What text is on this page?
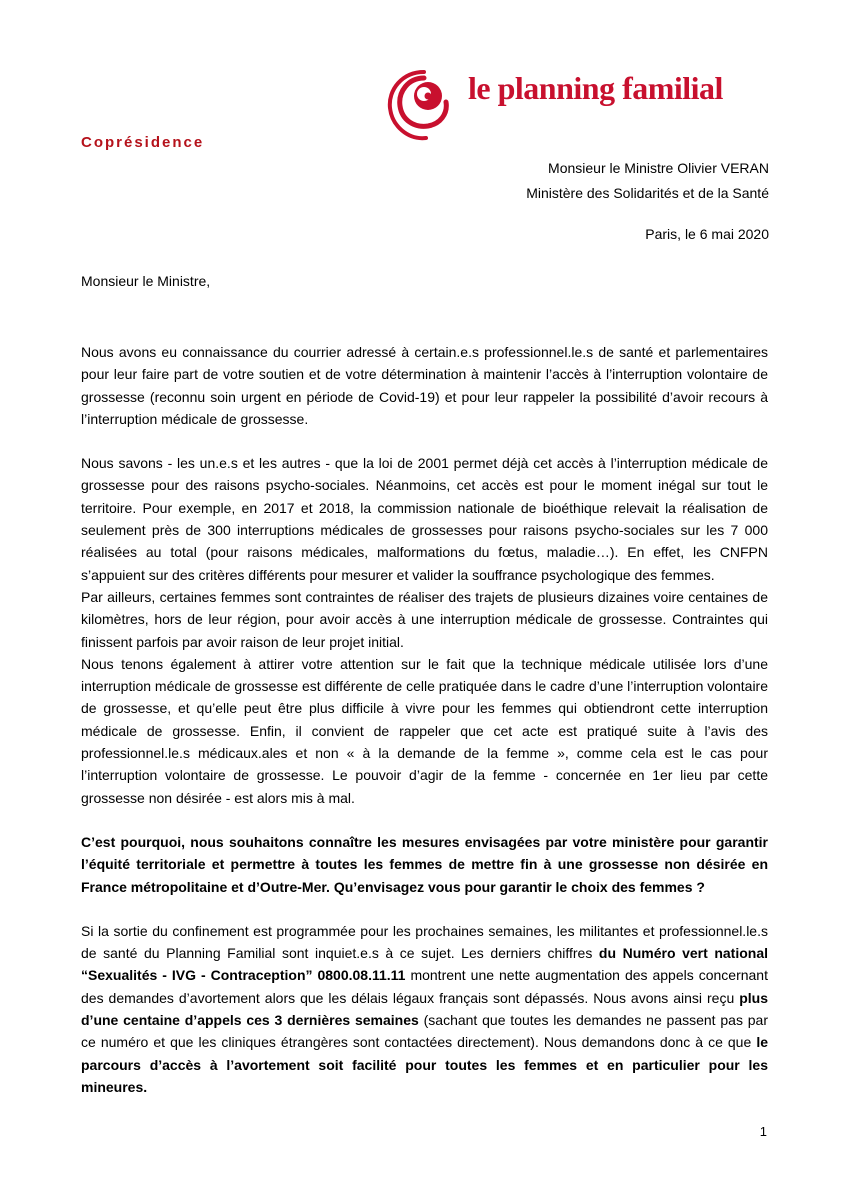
le planning familial
Coprésidence
Monsieur le Ministre Olivier VERAN
Ministère des Solidarités et de la Santé
Paris, le 6 mai 2020
Monsieur le Ministre,

Nous avons eu connaissance du courrier adressé à certain.e.s professionnel.le.s de santé et parlementaires pour leur faire part de votre soutien et de votre détermination à maintenir l’accès à l’interruption volontaire de grossesse (reconnu soin urgent en période de Covid-19) et pour leur rappeler la possibilité d’avoir recours à l’interruption médicale de grossesse.

Nous savons - les un.e.s et les autres - que la loi de 2001 permet déjà cet accès à l’interruption médicale de grossesse pour des raisons psycho-sociales. Néanmoins, cet accès est pour le moment inégal sur tout le territoire. Pour exemple, en 2017 et 2018, la commission nationale de bioéthique relevait la réalisation de seulement près de 300 interruptions médicales de grossesses pour raisons psycho-sociales sur les 7 000 réalisées au total (pour raisons médicales, malformations du fœtus, maladie…). En effet, les CNFPN s’appuient sur des critères différents pour mesurer et valider la souffrance psychologique des femmes.

Par ailleurs, certaines femmes sont contraintes de réaliser des trajets de plusieurs dizaines voire centaines de kilomètres, hors de leur région, pour avoir accès à une interruption médicale de grossesse. Contraintes qui finissent parfois par avoir raison de leur projet initial.

Nous tenons également à attirer votre attention sur le fait que la technique médicale utilisée lors d’une interruption médicale de grossesse est différente de celle pratiquée dans le cadre d’une l’interruption volontaire de grossesse, et qu’elle peut être plus difficile à vivre pour les femmes qui obtiendront cette interruption médicale de grossesse. Enfin, il convient de rappeler que cet acte est pratiqué suite à l’avis des professionnel.le.s médicaux.ales et non « à la demande de la femme », comme cela est le cas pour l’interruption volontaire de grossesse. Le pouvoir d’agir de la femme - concernée en 1er lieu par cette grossesse non désirée - est alors mis à mal.

C’est pourquoi, nous souhaitons connaître les mesures envisagées par votre ministère pour garantir l’équité territoriale et permettre à toutes les femmes de mettre fin à une grossesse non désirée en France métropolitaine et d’Outre-Mer. Qu’envisagez vous pour garantir le choix des femmes ?

Si la sortie du confinement est programmée pour les prochaines semaines, les militantes et professionnel.le.s de santé du Planning Familial sont inquiet.e.s à ce sujet. Les derniers chiffres du Numéro vert national “Sexualités - IVG - Contraception” 0800.08.11.11 montrent une nette augmentation des appels concernant des demandes d’avortement alors que les délais légaux français sont dépassés. Nous avons ainsi reçu plus d’une centaine d’appels ces 3 dernières semaines (sachant que toutes les demandes ne passent pas par ce numéro et que les cliniques étrangères sont contactées directement). Nous demandons donc à ce que le parcours d’accès à l’avortement soit facilité pour toutes les femmes et en particulier pour les mineures.

1
